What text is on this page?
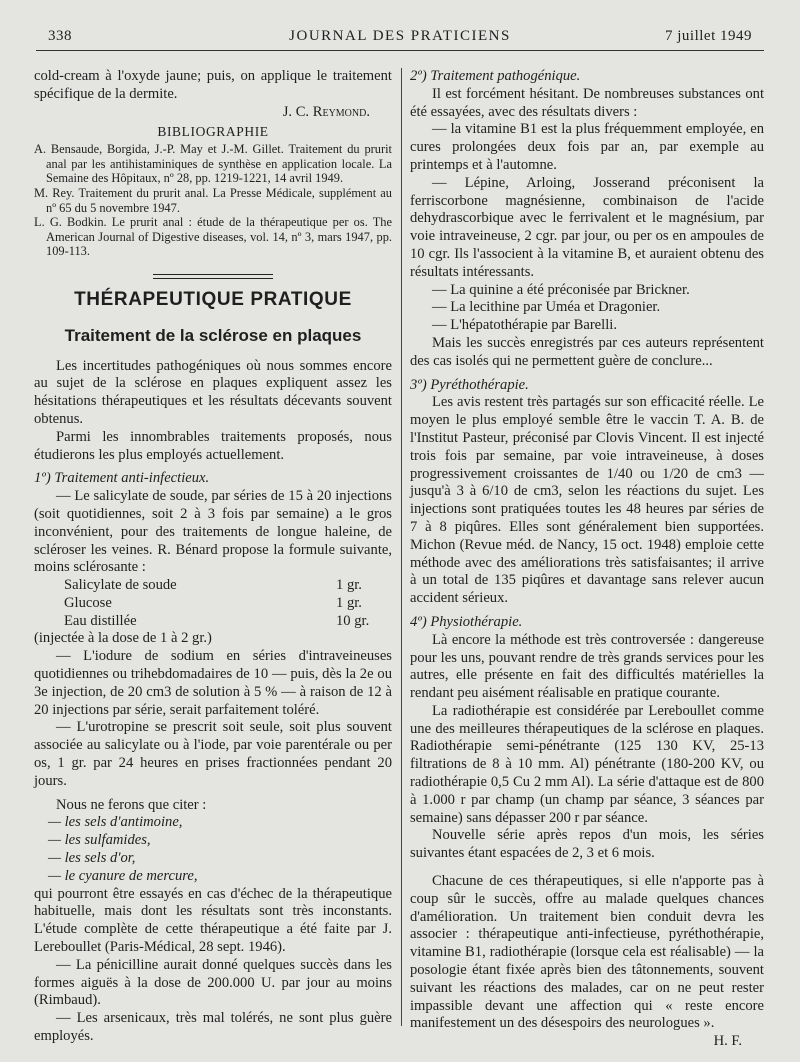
338	JOURNAL DES PRATICIENS	7 juillet 1949

cold-cream à l'oxyde jaune; puis, on applique le traitement spécifique de la dermite.

J. C. Reymond.

BIBLIOGRAPHIE

A. Bensaude, Borgida, J.-P. May et J.-M. Gillet. Traitement du prurit anal par les antihistaminiques de synthèse en application locale. La Semaine des Hôpitaux, nº 28, pp. 1219-1221, 14 avril 1949.

M. Rey. Traitement du prurit anal. La Presse Médicale, supplément au nº 65 du 5 novembre 1947.

L. G. Bodkin. Le prurit anal : étude de la thérapeutique per os. The American Journal of Digestive diseases, vol. 14, nº 3, mars 1947, pp. 109-113.

THÉRAPEUTIQUE PRATIQUE

Traitement de la sclérose en plaques

Les incertitudes pathogéniques où nous sommes encore au sujet de la sclérose en plaques expliquent assez les hésitations thérapeutiques et les résultats décevants souvent obtenus.

Parmi les innombrables traitements proposés, nous étudierons les plus employés actuellement.

1º) Traitement anti-infectieux.

— Le salicylate de soude, par séries de 15 à 20 injections (soit quotidiennes, soit 2 à 3 fois par semaine) a le gros inconvénient, pour des traitements de longue haleine, de scléroser les veines. R. Bénard propose la formule suivante, moins sclérosante :

Salicylate de soude	1 gr.
Glucose	1 gr.
Eau distillée	10 gr.

(injectée à la dose de 1 à 2 gr.)

— L'iodure de sodium en séries d'intraveineuses quotidiennes ou trihebdomadaires de 10 — puis, dès la 2e ou 3e injection, de 20 cm3 de solution à 5 % — à raison de 12 à 20 injections par série, serait parfaitement toléré.

— L'urotropine se prescrit soit seule, soit plus souvent associée au salicylate ou à l'iode, par voie parentérale ou per os, 1 gr. par 24 heures en prises fractionnées pendant 20 jours.

Nous ne ferons que citer :

— les sels d'antimoine,

— les sulfamides,

— les sels d'or,

— le cyanure de mercure,

qui pourront être essayés en cas d'échec de la thérapeutique habituelle, mais dont les résultats sont très inconstants. L'étude complète de cette thérapeutique a été faite par J. Lereboullet (Paris-Médical, 28 sept. 1946).

— La pénicilline aurait donné quelques succès dans les formes aiguës à la dose de 200.000 U. par jour au moins (Rimbaud).

— Les arsenicaux, très mal tolérés, ne sont plus guère employés.

2º) Traitement pathogénique.

Il est forcément hésitant. De nombreuses substances ont été essayées, avec des résultats divers :

— la vitamine B1 est la plus fréquemment employée, en cures prolongées deux fois par an, par exemple au printemps et à l'automne.

— Lépine, Arloing, Josserand préconisent la ferriscorbone magnésienne, combinaison de l'acide dehydrascorbique avec le ferrivalent et le magnésium, par voie intraveineuse, 2 cgr. par jour, ou per os en ampoules de 10 cgr. Ils l'associent à la vitamine B, et auraient obtenu des résultats intéressants.

— La quinine a été préconisée par Brickner.

— La lecithine par Uméa et Dragonier.

— L'hépatothérapie par Barelli.

Mais les succès enregistrés par ces auteurs représentent des cas isolés qui ne permettent guère de conclure...

3º) Pyréthothérapie.

Les avis restent très partagés sur son efficacité réelle. Le moyen le plus employé semble être le vaccin T. A. B. de l'Institut Pasteur, préconisé par Clovis Vincent. Il est injecté trois fois par semaine, par voie intraveineuse, à doses progressivement croissantes de 1/40 ou 1/20 de cm3 — jusqu'à 3 à 6/10 de cm3, selon les réactions du sujet. Les injections sont pratiquées toutes les 48 heures par séries de 7 à 8 piqûres. Elles sont généralement bien supportées. Michon (Revue méd. de Nancy, 15 oct. 1948) emploie cette méthode avec des améliorations très satisfaisantes; il arrive à un total de 135 piqûres et davantage sans relever aucun accident sérieux.

4º) Physiothérapie.

Là encore la méthode est très controversée : dangereuse pour les uns, pouvant rendre de très grands services pour les autres, elle présente en fait des difficultés matérielles la rendant peu aisément réalisable en pratique courante.

La radiothérapie est considérée par Lereboullet comme une des meilleures thérapeutiques de la sclérose en plaques. Radiothérapie semi-pénétrante (125 130 KV, 25-13 filtrations de 8 à 10 mm. Al) pénétrante (180-200 KV, ou radiothérapie 0,5 Cu 2 mm Al). La série d'attaque est de 800 à 1.000 r par champ (un champ par séance, 3 séances par semaine) sans dépasser 200 r par séance.

Nouvelle série après repos d'un mois, les séries suivantes étant espacées de 2, 3 et 6 mois.

Chacune de ces thérapeutiques, si elle n'apporte pas à coup sûr le succès, offre au malade quelques chances d'amélioration. Un traitement bien conduit devra les associer : thérapeutique anti-infectieuse, pyréthothérapie, vitamine B1, radiothérapie (lorsque cela est réalisable) — la posologie étant fixée après bien des tâtonnements, souvent suivant les réactions des malades, car on ne peut rester impassible devant une affection qui « reste encore manifestement un des désespoirs des neurologues ».

H. F.
